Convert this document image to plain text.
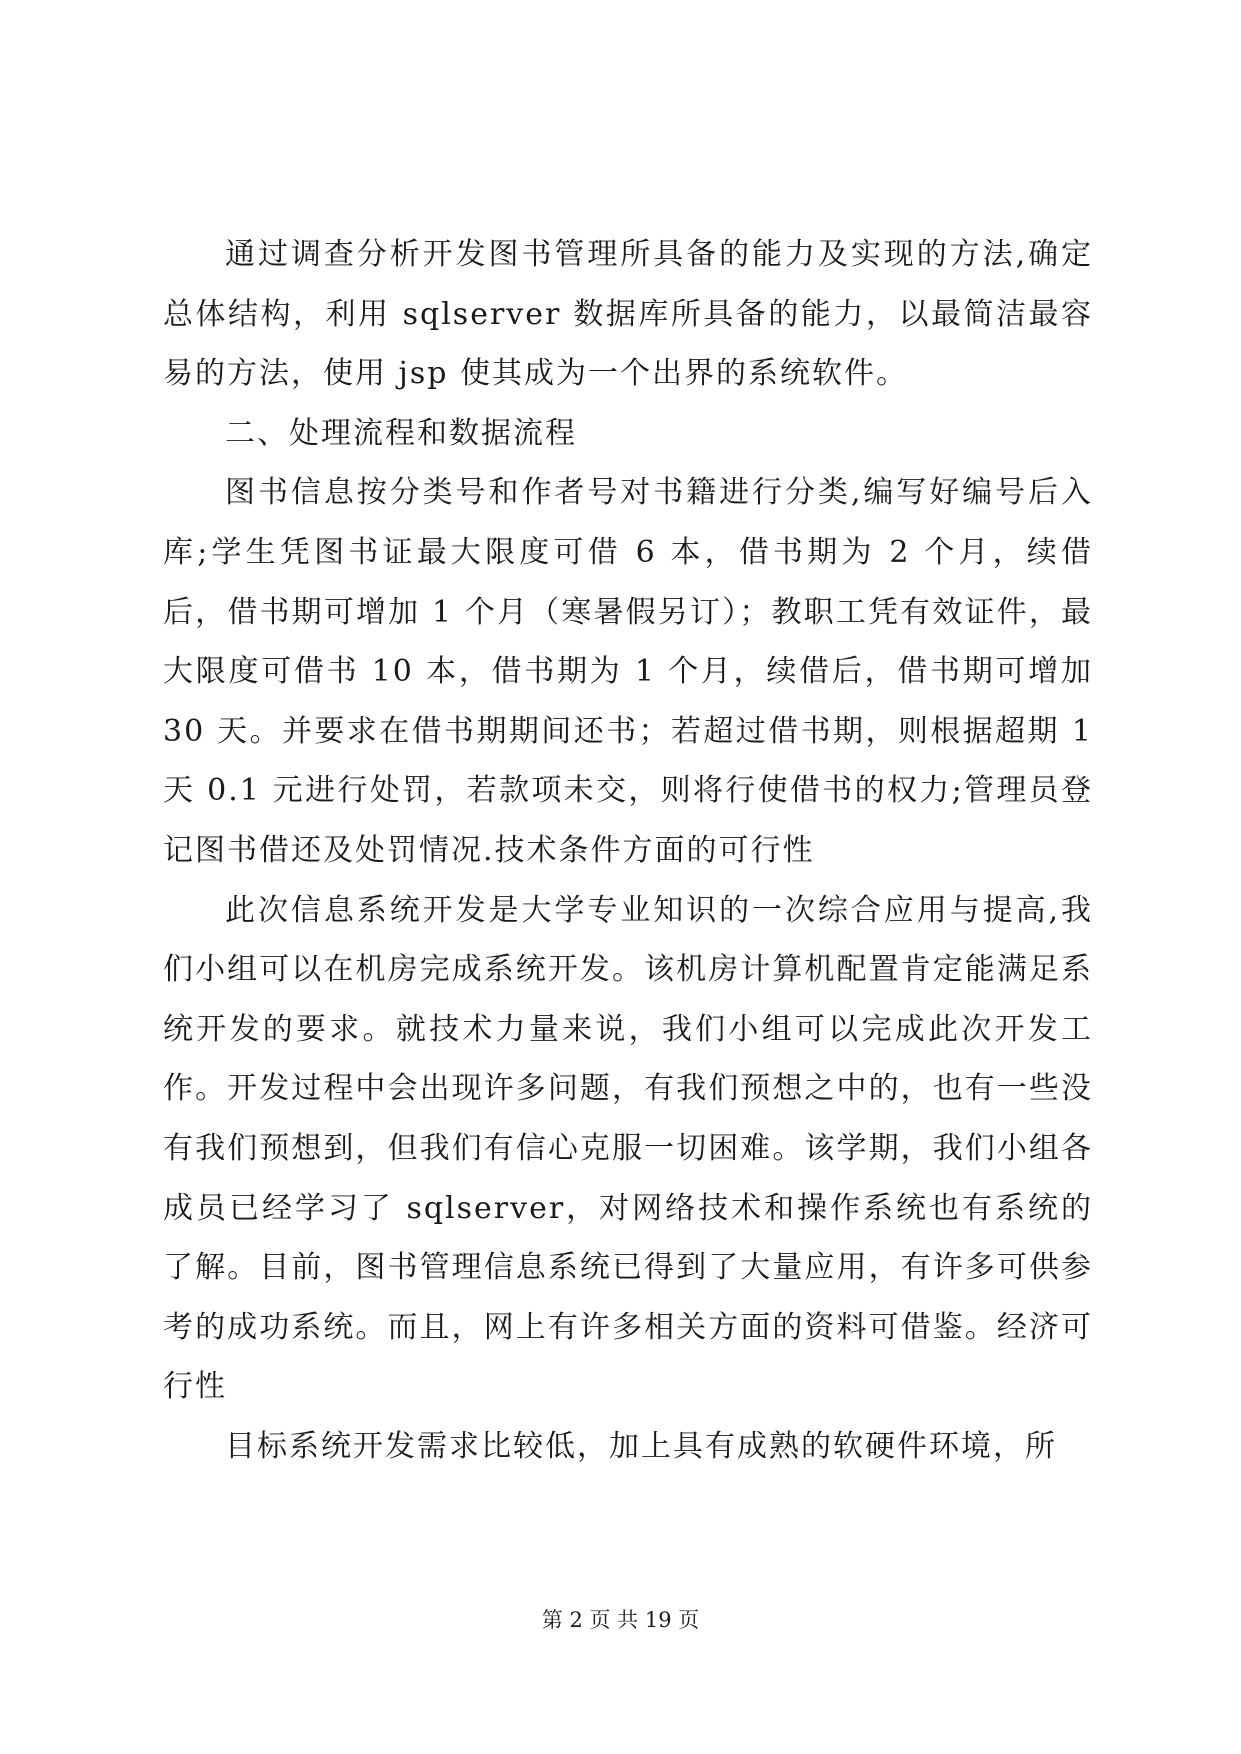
通过调查分析开发图书管理所具备的能力及实现的方法,确定总体结构，利用 sqlserver 数据库所具备的能力，以最简洁最容易的方法，使用 jsp 使其成为一个出界的系统软件。

二、处理流程和数据流程

图书信息按分类号和作者号对书籍进行分类,编写好编号后入库;学生凭图书证最大限度可借 6 本，借书期为 2 个月，续借后，借书期可增加 1 个月（寒暑假另订）；教职工凭有效证件，最大限度可借书 10 本，借书期为 1 个月，续借后，借书期可增加 30 天。并要求在借书期期间还书；若超过借书期，则根据超期 1 天 0.1 元进行处罚，若款项未交，则将行使借书的权力;管理员登记图书借还及处罚情况.技术条件方面的可行性

此次信息系统开发是大学专业知识的一次综合应用与提高,我们小组可以在机房完成系统开发。该机房计算机配置肯定能满足系统开发的要求。就技术力量来说，我们小组可以完成此次开发工作。开发过程中会出现许多问题，有我们预想之中的，也有一些没有我们预想到，但我们有信心克服一切困难。该学期，我们小组各成员已经学习了 sqlserver，对网络技术和操作系统也有系统的了解。目前，图书管理信息系统已得到了大量应用，有许多可供参考的成功系统。而且，网上有许多相关方面的资料可借鉴。经济可行性

目标系统开发需求比较低，加上具有成熟的软硬件环境，所

第 2 页 共 19 页
